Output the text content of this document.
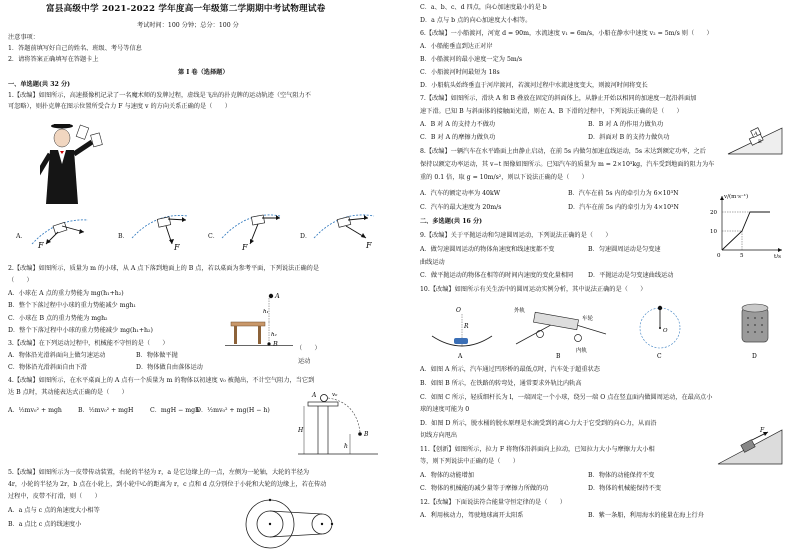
富县高级中学 2021-2022 学年度高一年级第二学期期中考试物理试卷
考试时间：100 分钟；总分：100 分
注意事项：
1．答题前填写好自己的姓名、班级、考号等信息
2．请将答案正确填写在答题卡上
第 I 卷（选择题）
一、单选题(共 32 分)
1.【改编】如图所示，高速摄像机记录了一名魔术师的发牌过程，虚线是飞出的扑克牌的运动轨迹（空气阻力不
可忽略），则扑克牌在图示位置所受合力 F 与速度 v 的方向关系正确的是（　　）
A．
F
B．
F
C．
F
D．
F
2.【改编】如图所示，质量为 m 的小球，从 A 点下落到地面上的 B 点，若以桌面为参考平面，下列说法正确的是
（　　）
A．小球在 A 点的重力势能为 mg(h₁+h₂)
B．整个下落过程中小球的重力势能减少 mgh₁
C．小球在 B 点的重力势能为 mgh₂
D．整个下落过程中小球的重力势能减少 mg(h₁+h₂)
A
h₁
h₂
B
3.【改编】在下列运动过程中，机械能不守恒的是（　　）
（　　）
A．物体沿光滑斜面向上做匀速运动	B．物体做平抛
运动
C．物体沿光滑斜面自由下滑	D．物体做自由落体运动
4.【改编】如图所示，在水平桌面上的 A 点有一个质量为 m 的物体以初速度 v₀ 被抛出，不计空气阻力，当它到
达 B 点时，其动能表达式正确的是（　　）
A．½mv₀² + mgh	B．½mv₀² + mgH	C．mgH − mgh
D．½mv₀² + mg(H − h)
A	v₀
B
H
h
5.【改编】如图所示为一皮带传动装置，右轮的半径为 r，a 是它边缘上的一点，左侧为一轮轴，大轮的半径为
4r，小轮的半径为 2r，b 点在小轮上，到小轮中心的距离为 r，c 点和 d 点分别位于小轮和大轮的边缘上，若在传动
过程中，皮带不打滑，则（　　）
A．a 点与 c 点的角速度大小相等
B．a 点比 c 点的线速度小
C．a、b、c、d 四点，向心加速度最小的是 b
D．a 点与 b 点的向心加速度大小相等。
6.【改编】一小船渡河，河宽 d = 90m，水流速度 v₁ = 6m/s，小船在静水中速度 v₂ = 5m/s 则（　　）
A．小船能垂直到达正对岸
B．小船渡河的最小速度一定为 5m/s
C．小船渡河时间最短为 18s
D．小船航头始终垂直于河岸渡河，若渡河过程中水流速度变大，则渡河时间将变长
7.【改编】如图所示，滑块 A 和 B 叠放在固定的斜面体上，从静止开始以相同的加速度一起沿斜面加
速下滑。已知 B 与斜面体的接触面光滑，则在 A、B 下滑的过程中，下列说法正确的是（　　）
A．B 对 A 的支持力不做功	B．B 对 A 的作用力做负功
C．B 对 A 的摩擦力做负功	D．斜面对 B 的支持力做负功	A
B
8.【改编】一辆汽车在水平路面上由静止启动，在前 5s 内做匀加速直线运动，5s 末达到额定功率，之后
保持以额定功率运动，其 v−t 图像如图所示。已知汽车的质量为 m = 2×10³kg，汽车受到地面的阻力为车
重的 0.1 倍，取 g = 10m/s²，则以下说法正确的是（　　）
A．汽车的额定功率为 40kW	B．汽车在前 5s 内的牵引力为 6×10³N
C．汽车的最大速度为 20m/s	D．汽车在前 5s 内的牵引力为 4×10³N
v/(m·s⁻¹)
t/s
20
10
0	5
二、多选题(共 16 分)
9.【改编】关于平抛运动和匀速圆周运动，下列说法正确的是（　　）
A．做匀速圆周运动的物体角速度和线速度都不变	B．匀速圆周运动是匀变速
曲线运动
C．做平抛运动的物体在相等的时间内速度的变化量相同 D．平抛运动是匀变速曲线运动
10.【改编】如图所示有关生活中的圆周运动实例分析，其中说法正确的是（　　）
O
R
A
外轨
车轮
内轨
B
O
C	D
A．如图 A 所示，汽车通过凹形桥的最低点时，汽车处于超重状态
B．如图 B 所示，在铁路的转弯处，通常要求外轨比内轨高
C．如图 C 所示，轻质细杆长为 l，一端固定一个小球，绕另一端 O 点在竖直面内做圆周运动，在最高点小
球的速度可能为 0
D．如图 D 所示，脱水桶的脱水原理是水滴受到的离心力大于它受到的向心力，从而沿
切线方向甩出
11.【创新】如图所示，拉力 F 将物体沿斜面向上拉动，已知拉力大小与摩擦力大小相
等，则下列说法中正确的是（　　）
A．物体的动能增加	B．物体的动能保持不变
C．物体的机械能的减少量等于摩擦力所做的功	D．物体的机械能保持不变
F
12.【改编】下面说法符合能量守恒定律的是（　　）
A．利用核动力，驾驶地球离开太阳系	B．紫一条船，利用海水的能量在海上行舟
